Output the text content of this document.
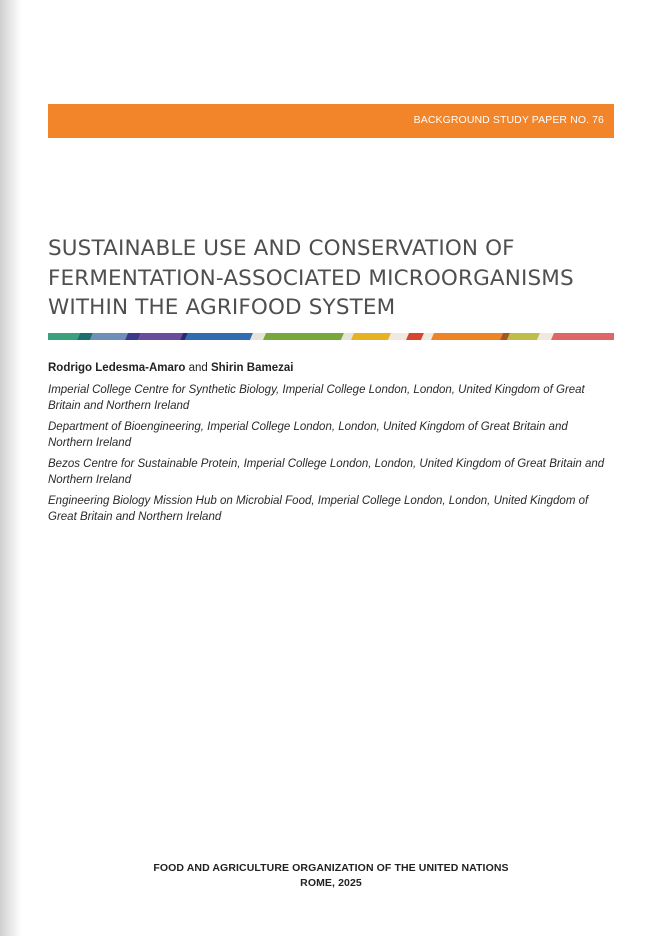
BACKGROUND STUDY PAPER NO. 76
SUSTAINABLE USE AND CONSERVATION OF
FERMENTATION-ASSOCIATED MICROORGANISMS
WITHIN THE AGRIFOOD SYSTEM
Rodrigo Ledesma-Amaro and Shirin Bamezai

Imperial College Centre for Synthetic Biology, Imperial College London, London, United Kingdom of Great Britain and Northern Ireland

Department of Bioengineering, Imperial College London, London, United Kingdom of Great Britain and Northern Ireland

Bezos Centre for Sustainable Protein, Imperial College London, London, United Kingdom of Great Britain and Northern Ireland

Engineering Biology Mission Hub on Microbial Food, Imperial College London, London, United Kingdom of Great Britain and Northern Ireland

FOOD AND AGRICULTURE ORGANIZATION OF THE UNITED NATIONS
ROME, 2025
